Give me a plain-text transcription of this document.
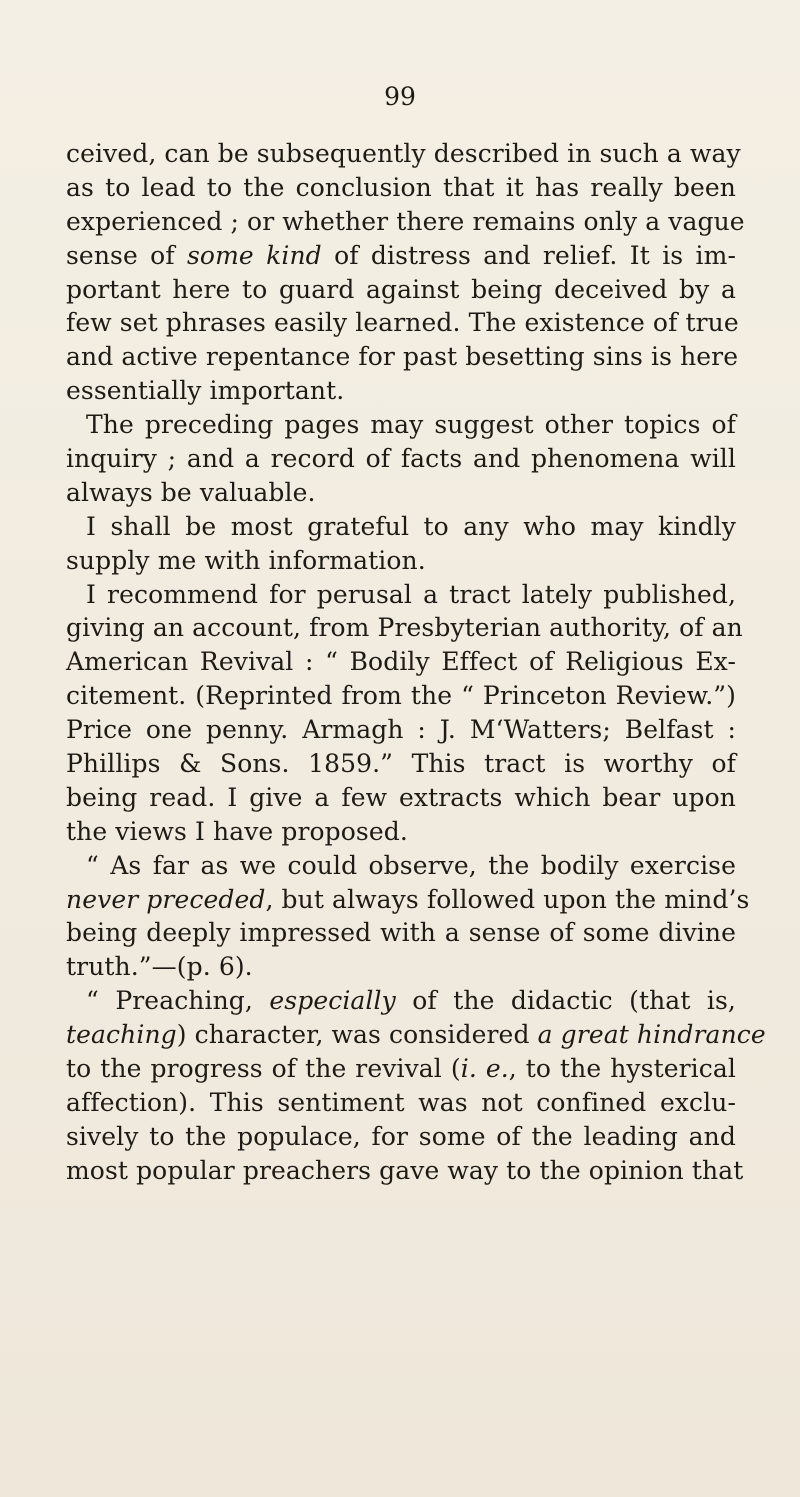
99
ceived, can be subsequently described in such a way
as to lead to the conclusion that it has really been
experienced ; or whether there remains only a vague
sense of some kind of distress and relief. It is im-
portant here to guard against being deceived by a
few set phrases easily learned. The existence of true
and active repentance for past besetting sins is here
essentially important.
The preceding pages may suggest other topics of
inquiry ; and a record of facts and phenomena will
always be valuable.
I shall be most grateful to any who may kindly
supply me with information.
I recommend for perusal a tract lately published,
giving an account, from Presbyterian authority, of an
American Revival : “ Bodily Effect of Religious Ex-
citement. (Reprinted from the “ Princeton Review.”)
Price one penny. Armagh : J. M‘Watters; Belfast :
Phillips & Sons. 1859.” This tract is worthy of
being read. I give a few extracts which bear upon
the views I have proposed.
“ As far as we could observe, the bodily exercise
never preceded, but always followed upon the mind’s
being deeply impressed with a sense of some divine
truth.”—(p. 6).
“ Preaching, especially of the didactic (that is,
teaching) character, was considered a great hindrance
to the progress of the revival (i. e., to the hysterical
affection). This sentiment was not confined exclu-
sively to the populace, for some of the leading and
most popular preachers gave way to the opinion that
